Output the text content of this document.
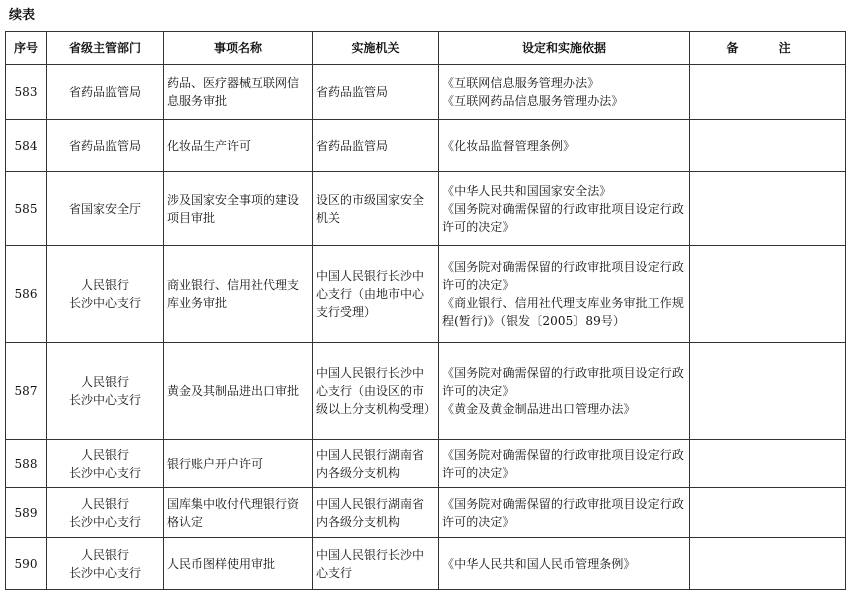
续表
序号	省级主管部门	事项名称	实施机关	设定和实施依据	备 注
583	省药品监管局	药品、医疗器械互联网信息服务审批	省药品监管局	《互联网信息服务管理办法》
《互联网药品信息服务管理办法》	

584	省药品监管局	化妆品生产许可	省药品监管局	《化妆品监督管理条例》	

585	省国家安全厅	涉及国家安全事项的建设项目审批	设区的市级国家安全机关	《中华人民共和国国家安全法》
《国务院对确需保留的行政审批项目设定行政许可的决定》	

586	人民银行
长沙中心支行	商业银行、信用社代理支库业务审批	中国人民银行长沙中心支行（由地市中心支行受理）	《国务院对确需保留的行政审批项目设定行政许可的决定》
《商业银行、信用社代理支库业务审批工作规程(暂行)》（银发〔2005〕89号）	

587	人民银行
长沙中心支行	黄金及其制品进出口审批	中国人民银行长沙中心支行（由设区的市级以上分支机构受理）	《国务院对确需保留的行政审批项目设定行政许可的决定》
《黄金及黄金制品进出口管理办法》	

588	人民银行
长沙中心支行	银行账户开户许可	中国人民银行湖南省内各级分支机构	《国务院对确需保留的行政审批项目设定行政许可的决定》	

589	人民银行
长沙中心支行	国库集中收付代理银行资格认定	中国人民银行湖南省内各级分支机构	《国务院对确需保留的行政审批项目设定行政许可的决定》	

590	人民银行
长沙中心支行	人民币图样使用审批	中国人民银行长沙中心支行	《中华人民共和国人民币管理条例》	
